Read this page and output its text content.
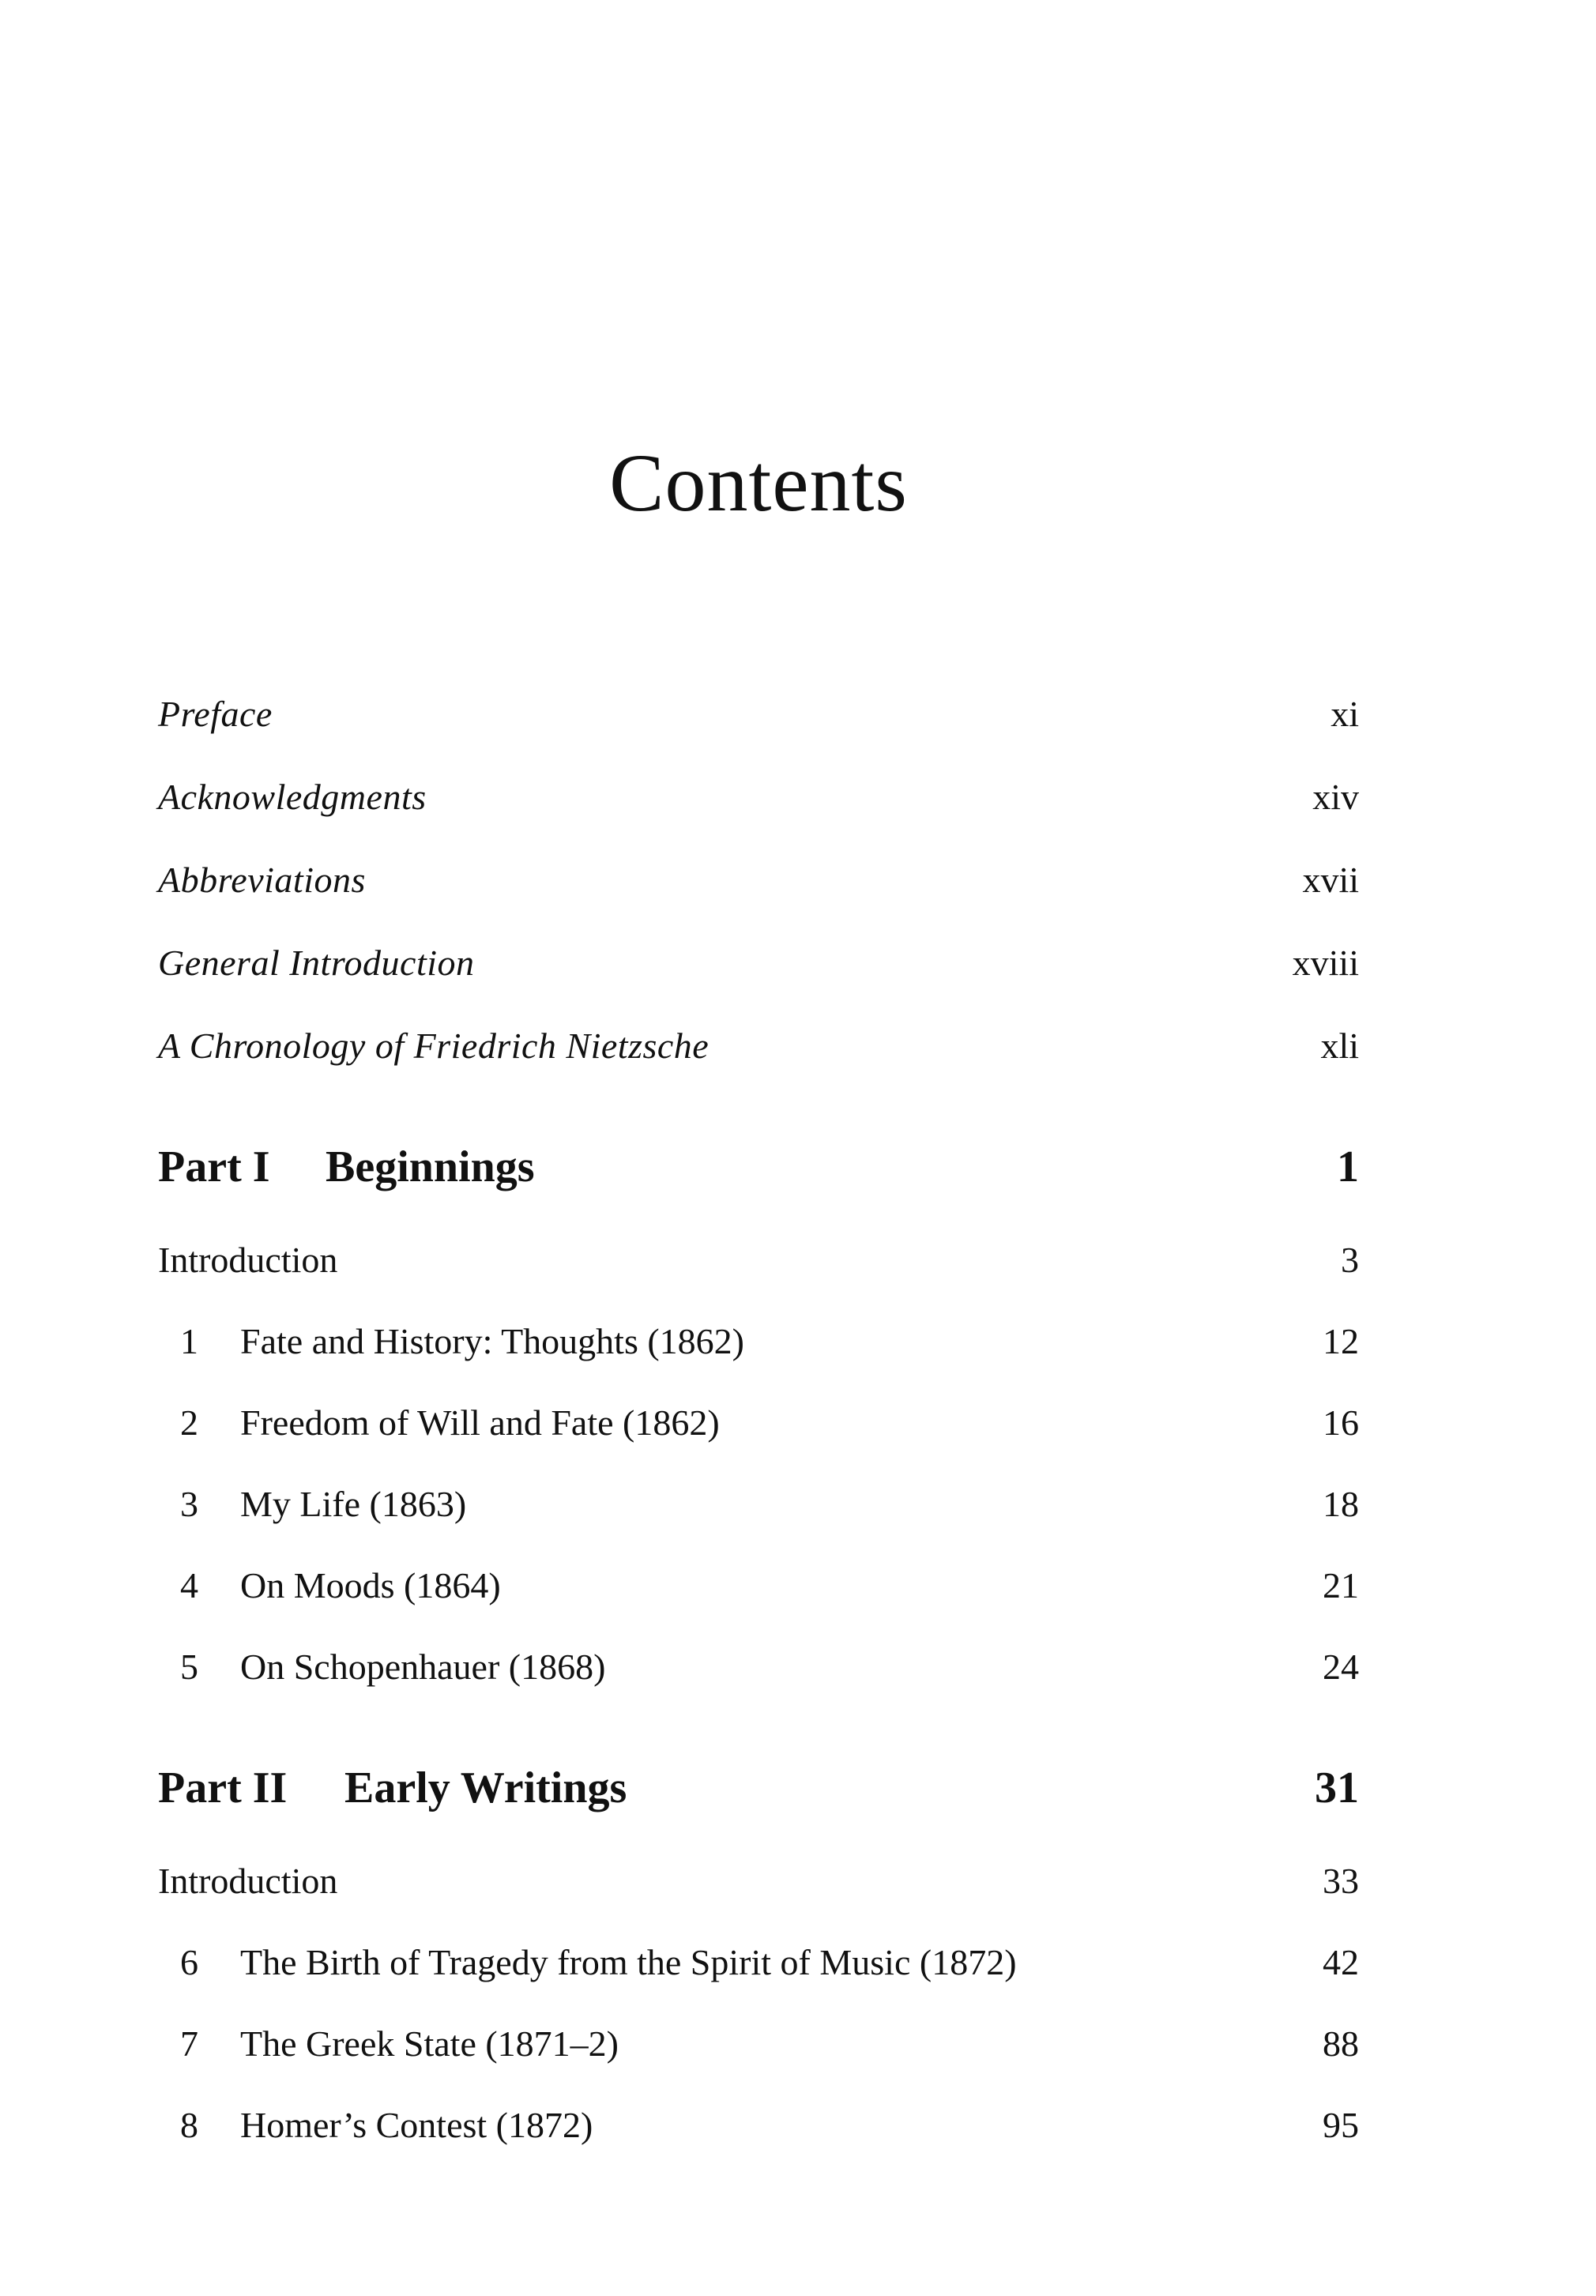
Contents
Preface	xi
Acknowledgments	xiv
Abbreviations	xvii
General Introduction	xviii
A Chronology of Friedrich Nietzsche	xli
Part I Beginnings	1
Introduction	3
1 Fate and History: Thoughts (1862)	12
2 Freedom of Will and Fate (1862)	16
3 My Life (1863)	18
4 On Moods (1864)	21
5 On Schopenhauer (1868)	24
Part II Early Writings	31
Introduction	33
6 The Birth of Tragedy from the Spirit of Music (1872)	42
7 The Greek State (1871–2)	88
8 Homer’s Contest (1872)	95
